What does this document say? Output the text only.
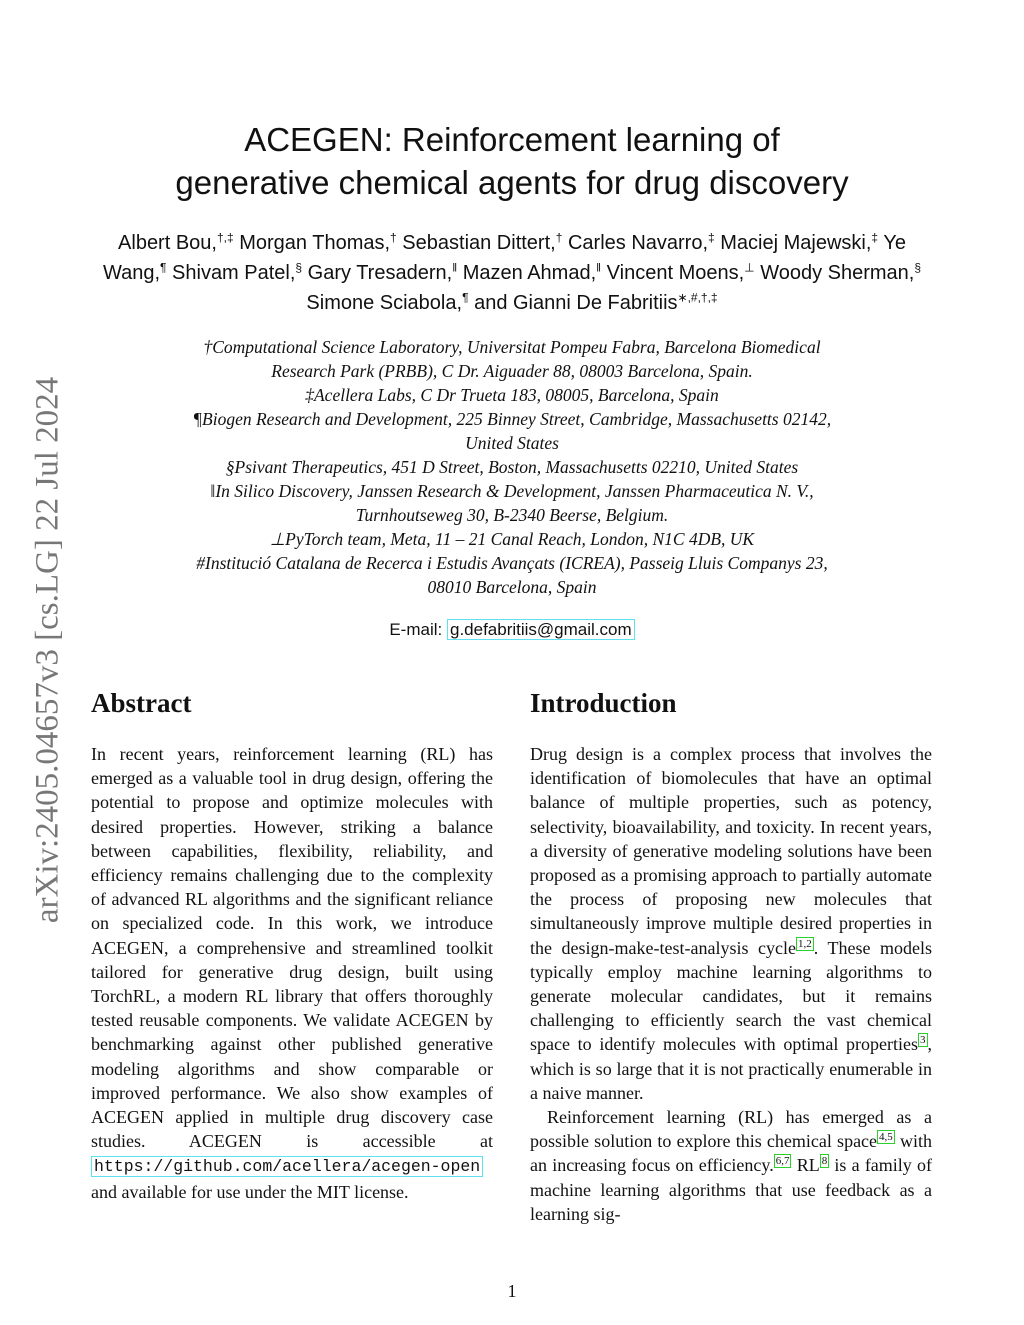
arXiv:2405.04657v3 [cs.LG] 22 Jul 2024
ACEGEN: Reinforcement learning of
generative chemical agents for drug discovery
Albert Bou,†,‡ Morgan Thomas,† Sebastian Dittert,† Carles Navarro,‡ Maciej Majewski,‡ Ye Wang,¶ Shivam Patel,§ Gary Tresadern,‖ Mazen Ahmad,‖ Vincent Moens,⊥ Woody Sherman,§ Simone Sciabola,¶ and Gianni De Fabritiis∗,#,†,‡
†Computational Science Laboratory, Universitat Pompeu Fabra, Barcelona Biomedical
Research Park (PRBB), C Dr. Aiguader 88, 08003 Barcelona, Spain.
‡Acellera Labs, C Dr Trueta 183, 08005, Barcelona, Spain
¶Biogen Research and Development, 225 Binney Street, Cambridge, Massachusetts 02142,
United States
§Psivant Therapeutics, 451 D Street, Boston, Massachusetts 02210, United States
‖In Silico Discovery, Janssen Research & Development, Janssen Pharmaceutica N. V.,
Turnhoutseweg 30, B-2340 Beerse, Belgium.
⊥PyTorch team, Meta, 11 – 21 Canal Reach, London, N1C 4DB, UK
#Institució Catalana de Recerca i Estudis Avançats (ICREA), Passeig Lluis Companys 23,
08010 Barcelona, Spain
E-mail: g.defabritiis@gmail.com
Abstract

In recent years, reinforcement learning (RL) has emerged as a valuable tool in drug design, offering the potential to propose and optimize molecules with desired properties. However, striking a balance between capabilities, flexibility, reliability, and efficiency remains challenging due to the complexity of advanced RL algorithms and the significant reliance on specialized code. In this work, we introduce ACEGEN, a comprehensive and streamlined toolkit tailored for generative drug design, built using TorchRL, a modern RL library that offers thoroughly tested reusable components. We validate ACEGEN by benchmarking against other published generative modeling algorithms and show comparable or improved performance. We also show examples of ACEGEN applied in multiple drug discovery case studies. ACEGEN is accessible at https://github.com/acellera/acegen-open and available for use under the MIT license.

Introduction

Drug design is a complex process that involves the identification of biomolecules that have an optimal balance of multiple properties, such as potency, selectivity, bioavailability, and toxicity. In recent years, a diversity of generative modeling solutions have been proposed as a promising approach to partially automate the process of proposing new molecules that simultaneously improve multiple desired properties in the design-make-test-analysis cycle $^{1,2}$ . These models typically employ machine learning algorithms to generate molecular candidates, but it remains challenging to efficiently search the vast chemical space to identify molecules with optimal properties $^3$ , which is so large that it is not practically enumerable in a naive manner.

Reinforcement learning (RL) has emerged as a possible solution to explore this chemical space $^{4,5}$ with an increasing focus on efficiency. $^{6,7}$ RL $^8$ is a family of machine learning algorithms that use feedback as a learning sig-

1
